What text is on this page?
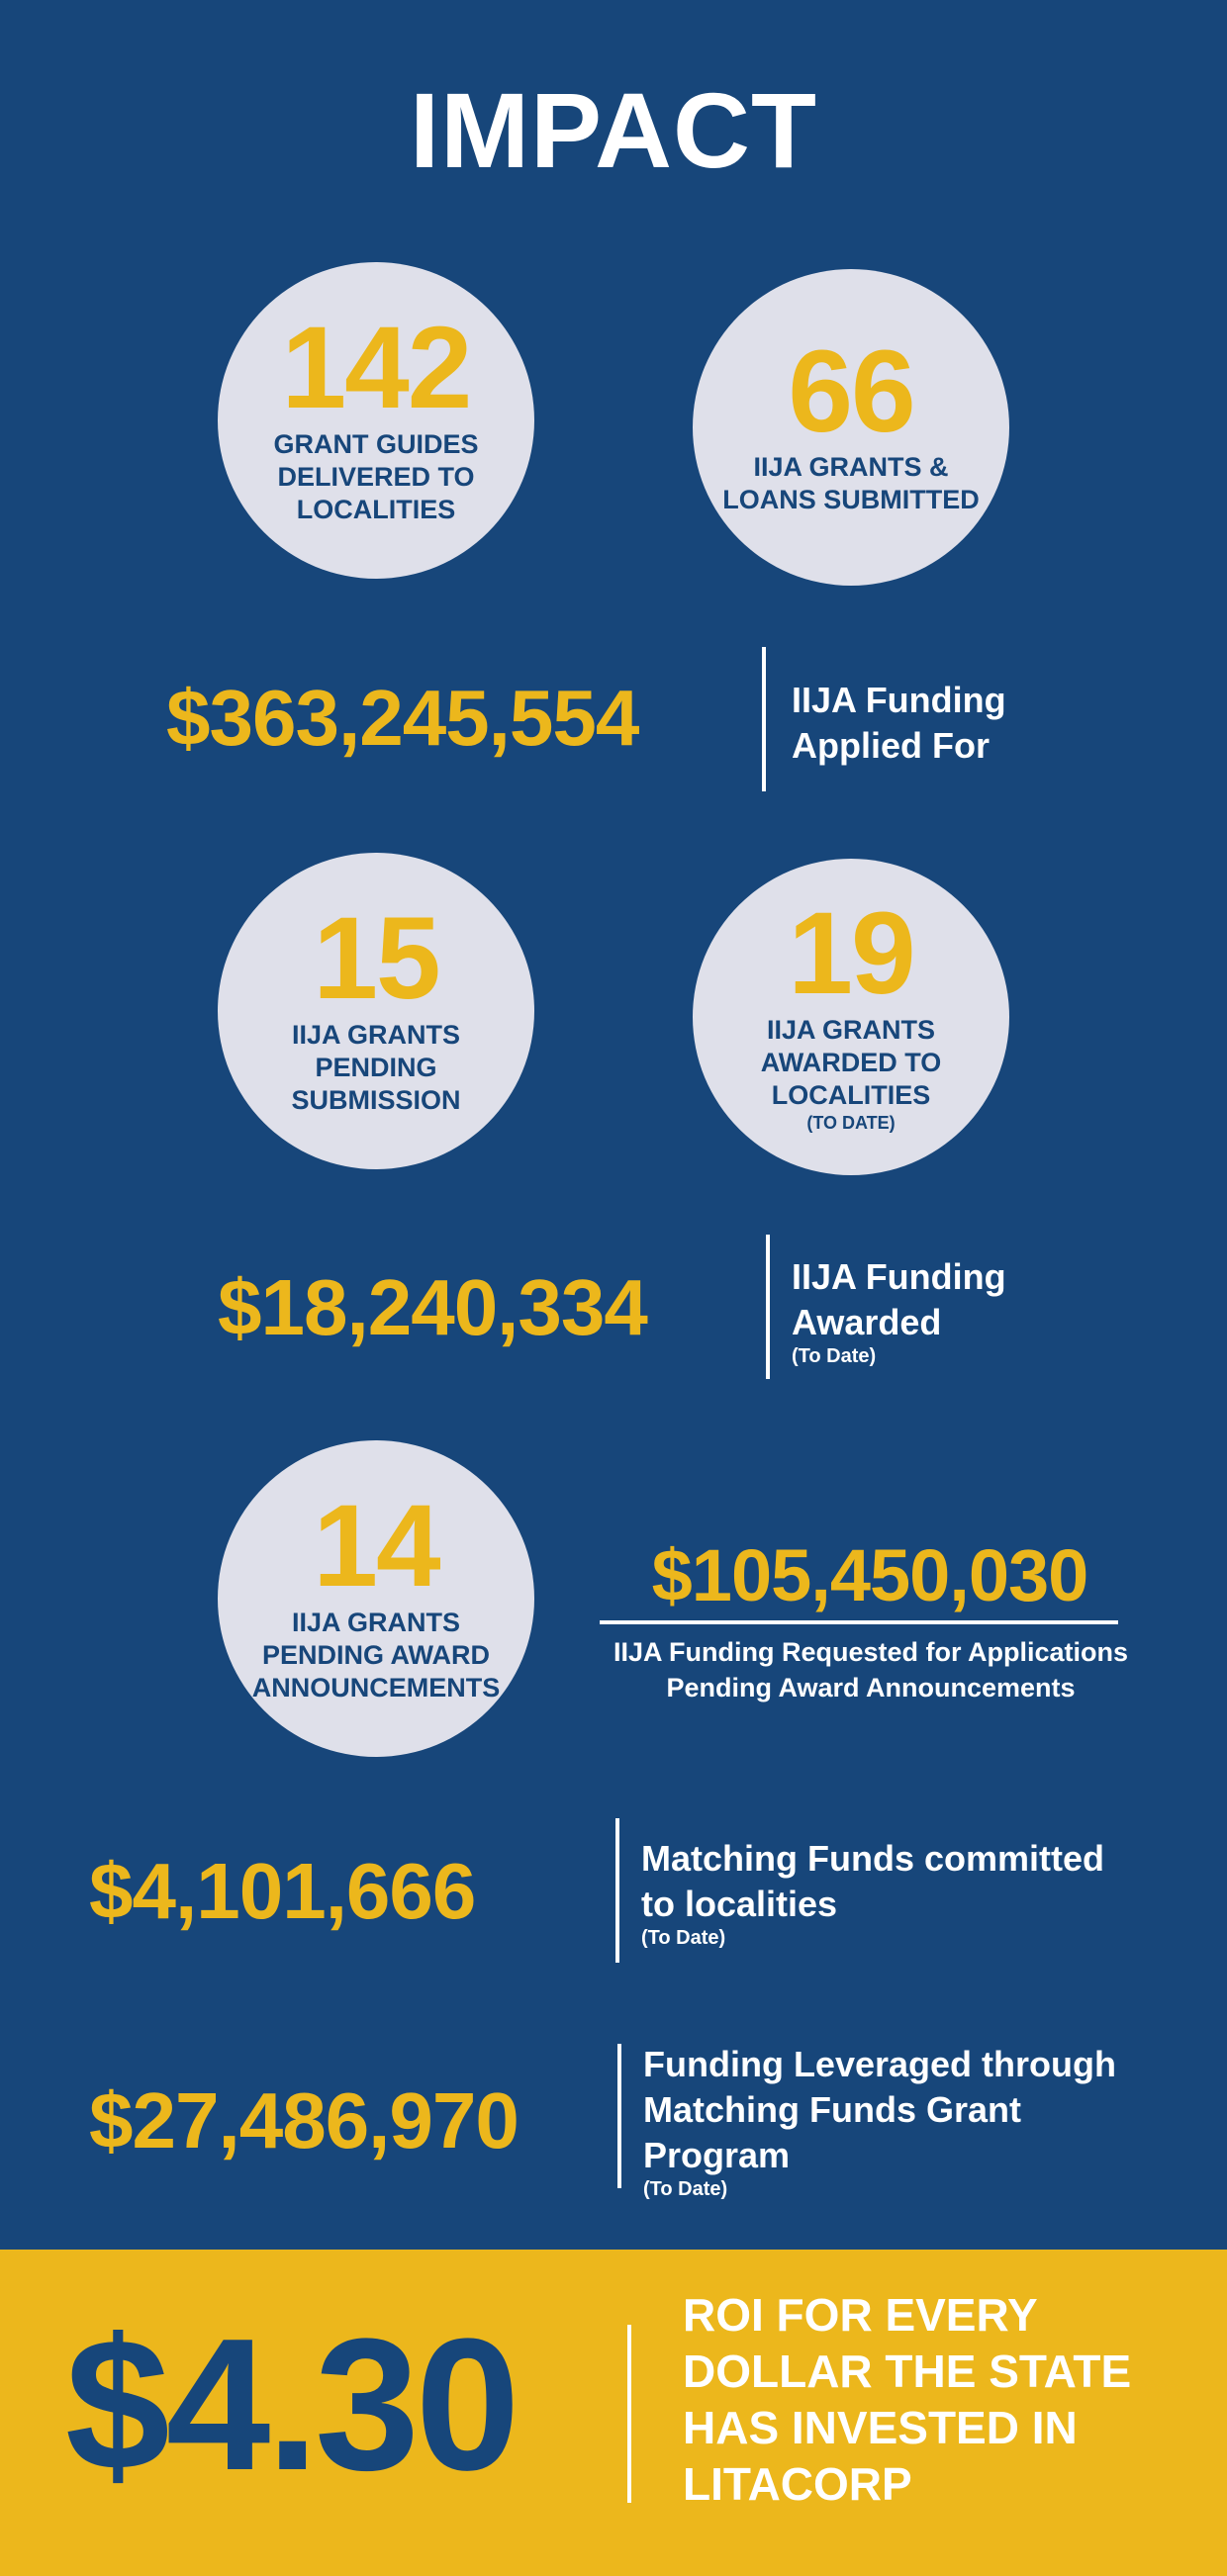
IMPACT
142
GRANT GUIDES
DELIVERED TO
LOCALITIES
66
IIJA GRANTS &
LOANS SUBMITTED
$363,245,554	IIJA Funding
Applied For
15
IIJA GRANTS
PENDING
SUBMISSION
19
IIJA GRANTS
AWARDED TO
LOCALITIES
(TO DATE)
$18,240,334	IIJA Funding
Awarded
(To Date)
14
IIJA GRANTS
PENDING AWARD
ANNOUNCEMENTS
$105,450,030
IIJA Funding Requested for Applications
Pending Award Announcements
$4,101,666	Matching Funds committed
to localities
(To Date)
$27,486,970
Funding Leveraged through
Matching Funds Grant
Program
(To Date)
$4.30	ROI FOR EVERY
DOLLAR THE STATE
HAS INVESTED IN
LITACORP
